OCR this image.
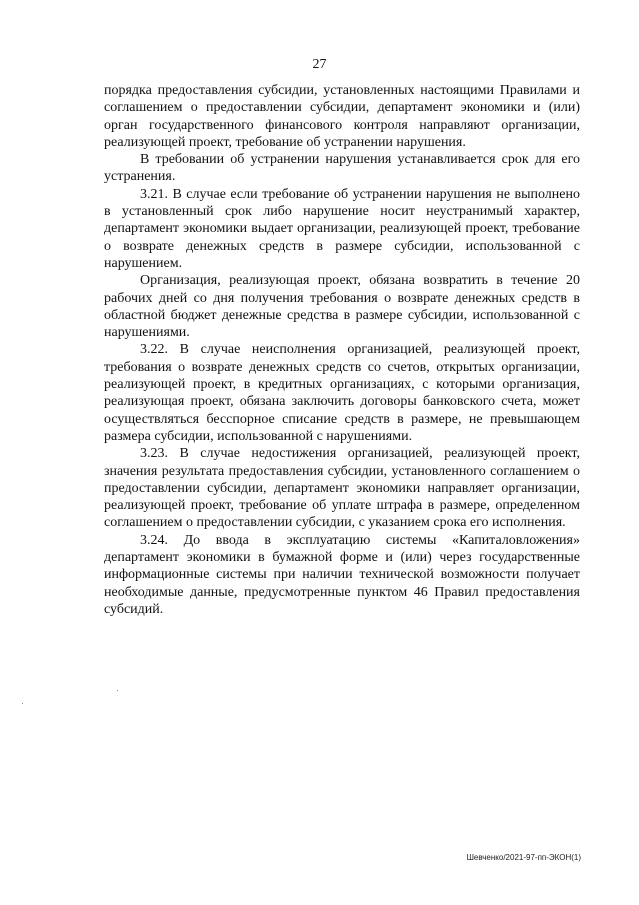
27

порядка предоставления субсидии, установленных настоящими Правилами и соглашением о предоставлении субсидии, департамент экономики и (или) орган государственного финансового контроля направляют организации, реализующей проект, требование об устранении нарушения.

В требовании об устранении нарушения устанавливается срок для его устранения.

3.21. В случае если требование об устранении нарушения не выполнено в установленный срок либо нарушение носит неустранимый характер, департамент экономики выдает организации, реализующей проект, требование о возврате денежных средств в размере субсидии, использованной с нарушением.

Организация, реализующая проект, обязана возвратить в течение 20 рабочих дней со дня получения требования о возврате денежных средств в областной бюджет денежные средства в размере субсидии, использованной с нарушениями.

3.22. В случае неисполнения организацией, реализующей проект, требования о возврате денежных средств со счетов, открытых организации, реализующей проект, в кредитных организациях, с которыми организация, реализующая проект, обязана заключить договоры банковского счета, может осуществляться бесспорное списание средств в размере, не превышающем размера субсидии, использованной с нарушениями.

3.23. В случае недостижения организацией, реализующей проект, значения результата предоставления субсидии, установленного соглашением о предоставлении субсидии, департамент экономики направляет организации, реализующей проект, требование об уплате штрафа в размере, определенном соглашением о предоставлении субсидии, с указанием срока его исполнения.

3.24. До ввода в эксплуатацию системы «Капиталовложения» департамент экономики в бумажной форме и (или) через государственные информационные системы при наличии технической возможности получает необходимые данные, предусмотренные пунктом 46 Правил предоставления субсидий.

Шевченко/2021-97-пп-ЭКОН(1)
